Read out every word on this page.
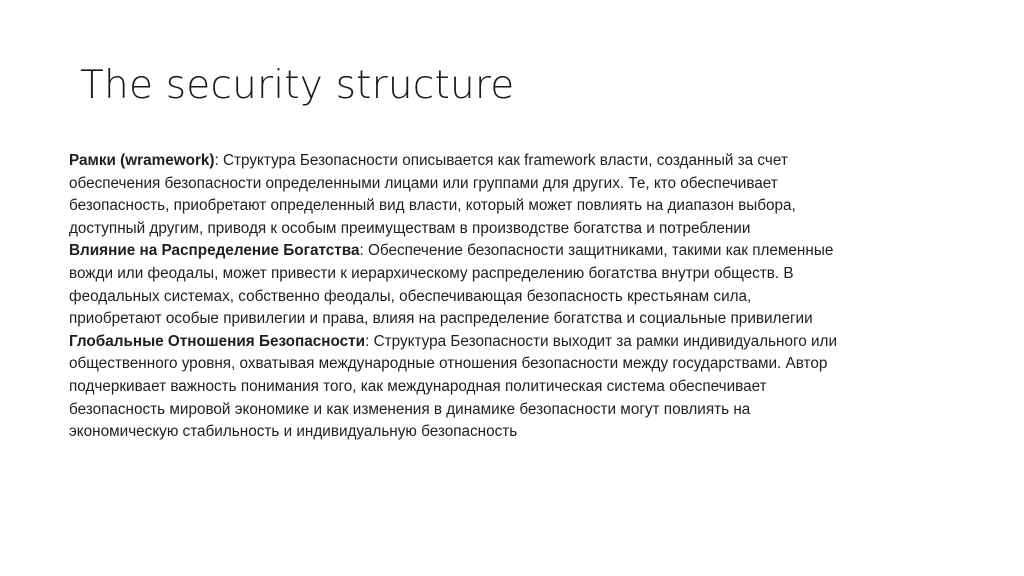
The security structure

Рамки (wramework): Структура Безопасности описывается как framework власти, созданный за счет обеспечения безопасности определенными лицами или группами для других. Те, кто обеспечивает безопасность, приобретают определенный вид власти, который может повлиять на диапазон выбора, доступный другим, приводя к особым преимуществам в производстве богатства и потреблении

Влияние на Распределение Богатства: Обеспечение безопасности защитниками, такими как племенные вожди или феодалы, может привести к иерархическому распределению богатства внутри обществ. В феодальных системах, собственно феодалы, обеспечивающая безопасность крестьянам сила, приобретают особые привилегии и права, влияя на распределение богатства и социальные привилегии

Глобальные Отношения Безопасности: Структура Безопасности выходит за рамки индивидуального или общественного уровня, охватывая международные отношения безопасности между государствами. Автор подчеркивает важность понимания того, как международная политическая система обеспечивает безопасность мировой экономике и как изменения в динамике безопасности могут повлиять на экономическую стабильность и индивидуальную безопасность
